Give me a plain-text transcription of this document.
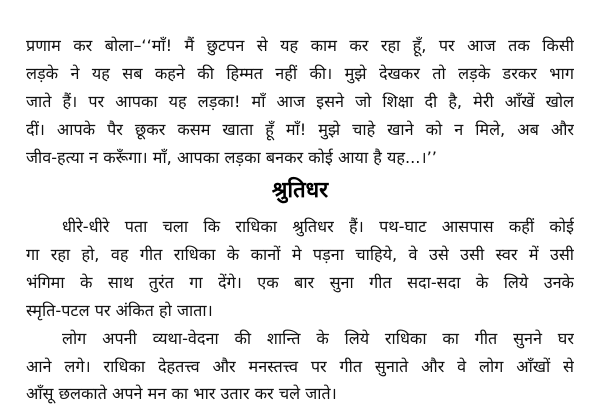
प्रणाम कर बोला–‘‘माँ! मैं छुटपन से यह काम कर रहा हूँ, पर आज तक किसी
लड़के ने यह सब कहने की हिम्मत नहीं की। मुझे देखकर तो लड़के डरकर भाग
जाते हैं। पर आपका यह लड़का! माँ आज इसने जो शिक्षा दी है, मेरी आँखें खोल
दीं। आपके पैर छूकर कसम खाता हूँ माँ! मुझे चाहे खाने को न मिले, अब और
जीव-हत्या न करूँगा। माँ, आपका लड़का बनकर कोई आया है यह...।’’
श्रुतिधर
धीरे-धीरे पता चला कि राधिका श्रुतिधर हैं। पथ-घाट आसपास कहीं कोई
गा रहा हो, वह गीत राधिका के कानों मे पड़ना चाहिये, वे उसे उसी स्वर में उसी
भंगिमा के साथ तुरंत गा देंगे। एक बार सुना गीत सदा-सदा के लिये उनके
स्मृति-पटल पर अंकित हो जाता।
लोग अपनी व्यथा-वेदना की शान्ति के लिये राधिका का गीत सुनने घर
आने लगे। राधिका देहतत्त्व और मनस्तत्त्व पर गीत सुनाते और वे लोग आँखों से
आँसू छलकाते अपने मन का भार उतार कर चले जाते।
